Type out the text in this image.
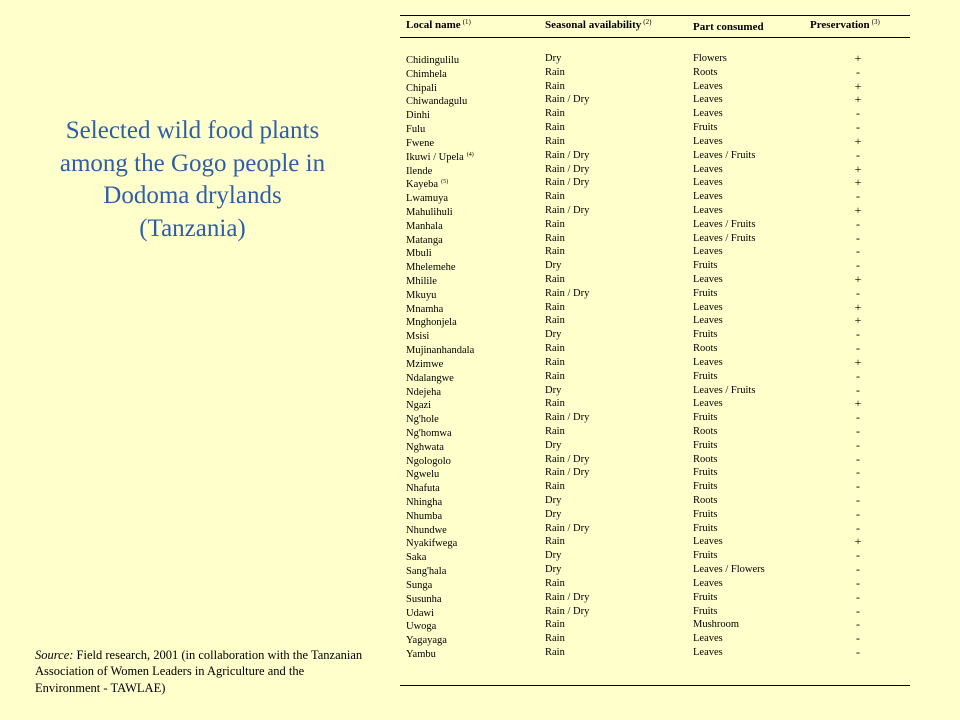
Selected wild food plants
among the Gogo people in
Dodoma drylands
(Tanzania)
Source: Field research, 2001 (in collaboration with the Tanzanian Association of Women Leaders in Agriculture and the Environment - TAWLAE)
Local name $^{(1)}$	Seasonal availability $^{(2)}$	Part consumed	Preservation $^{(3)}$
Chidingulilu	Dry	Flowers	+
Chimhela	Rain	Roots	-
Chipali	Rain	Leaves	+
Chiwandagulu	Rain / Dry	Leaves	+
Dinhi	Rain	Leaves	-
Fulu	Rain	Fruits	-
Fwene	Rain	Leaves	+
Ikuwi / Upela $^{(4)}$	Rain / Dry	Leaves / Fruits	-
Ilende	Rain / Dry	Leaves	+
Kayeba $^{(5)}$	Rain / Dry	Leaves	+
Lwamuya	Rain	Leaves	-
Mahulihuli	Rain / Dry	Leaves	+
Manhala	Rain	Leaves / Fruits	-
Matanga	Rain	Leaves / Fruits	-
Mbuli	Rain	Leaves	-
Mhelemehe	Dry	Fruits	-
Mhilile	Rain	Leaves	+
Mkuyu	Rain / Dry	Fruits	-
Mnamha	Rain	Leaves	+
Mnghonjela	Rain	Leaves	+
Msisi	Dry	Fruits	-
Mujinanhandala	Rain	Roots	-
Mzimwe	Rain	Leaves	+
Ndalangwe	Rain	Fruits	-
Ndejeha	Dry	Leaves / Fruits	-
Ngazi	Rain	Leaves	+
Ng'hole	Rain / Dry	Fruits	-
Ng'homwa	Rain	Roots	-
Nghwata	Dry	Fruits	-
Ngologolo	Rain / Dry	Roots	-
Ngwelu	Rain / Dry	Fruits	-
Nhafuta	Rain	Fruits	-
Nhingha	Dry	Roots	-
Nhumba	Dry	Fruits	-
Nhundwe	Rain / Dry	Fruits	-
Nyakifwega	Rain	Leaves	+
Saka	Dry	Fruits	-
Sang'hala	Dry	Leaves / Flowers	-
Sunga	Rain	Leaves	-
Susunha	Rain / Dry	Fruits	-
Udawi	Rain / Dry	Fruits	-
Uwoga	Rain	Mushroom	-
Yagayaga	Rain	Leaves	-
Yambu	Rain	Leaves	-
